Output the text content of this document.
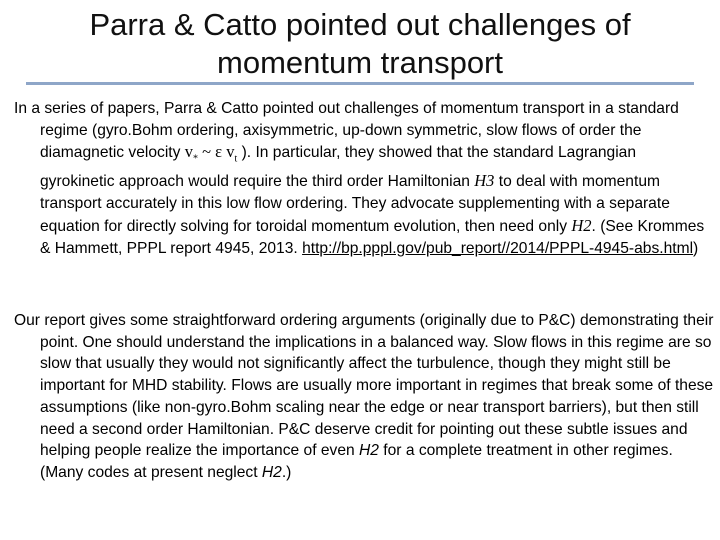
Parra & Catto pointed out challenges of
momentum transport
In a series of papers, Parra & Catto pointed out challenges of momentum transport in a standard regime (gyro.Bohm ordering, axisymmetric, up-down symmetric, slow flows of order the diamagnetic velocity $v_*$ ~ ε $v_t$ ). In particular, they showed that the standard Lagrangian gyrokinetic approach would require the third order Hamiltonian H3 to deal with momentum transport accurately in this low flow ordering. They advocate supplementing with a separate equation for directly solving for toroidal momentum evolution, then need only H2. (See Krommes & Hammett, PPPL report 4945, 2013. http://bp.pppl.gov/pub_report//2014/PPPL-4945-abs.html)
Our report gives some straightforward ordering arguments (originally due to P&C) demonstrating their point. One should understand the implications in a balanced way. Slow flows in this regime are so slow that usually they would not significantly affect the turbulence, though they might still be important for MHD stability. Flows are usually more important in regimes that break some of these assumptions (like non-gyro.Bohm scaling near the edge or near transport barriers), but then still need a second order Hamiltonian. P&C deserve credit for pointing out these subtle issues and helping people realize the importance of even H2 for a complete treatment in other regimes. (Many codes at present neglect H2.)
